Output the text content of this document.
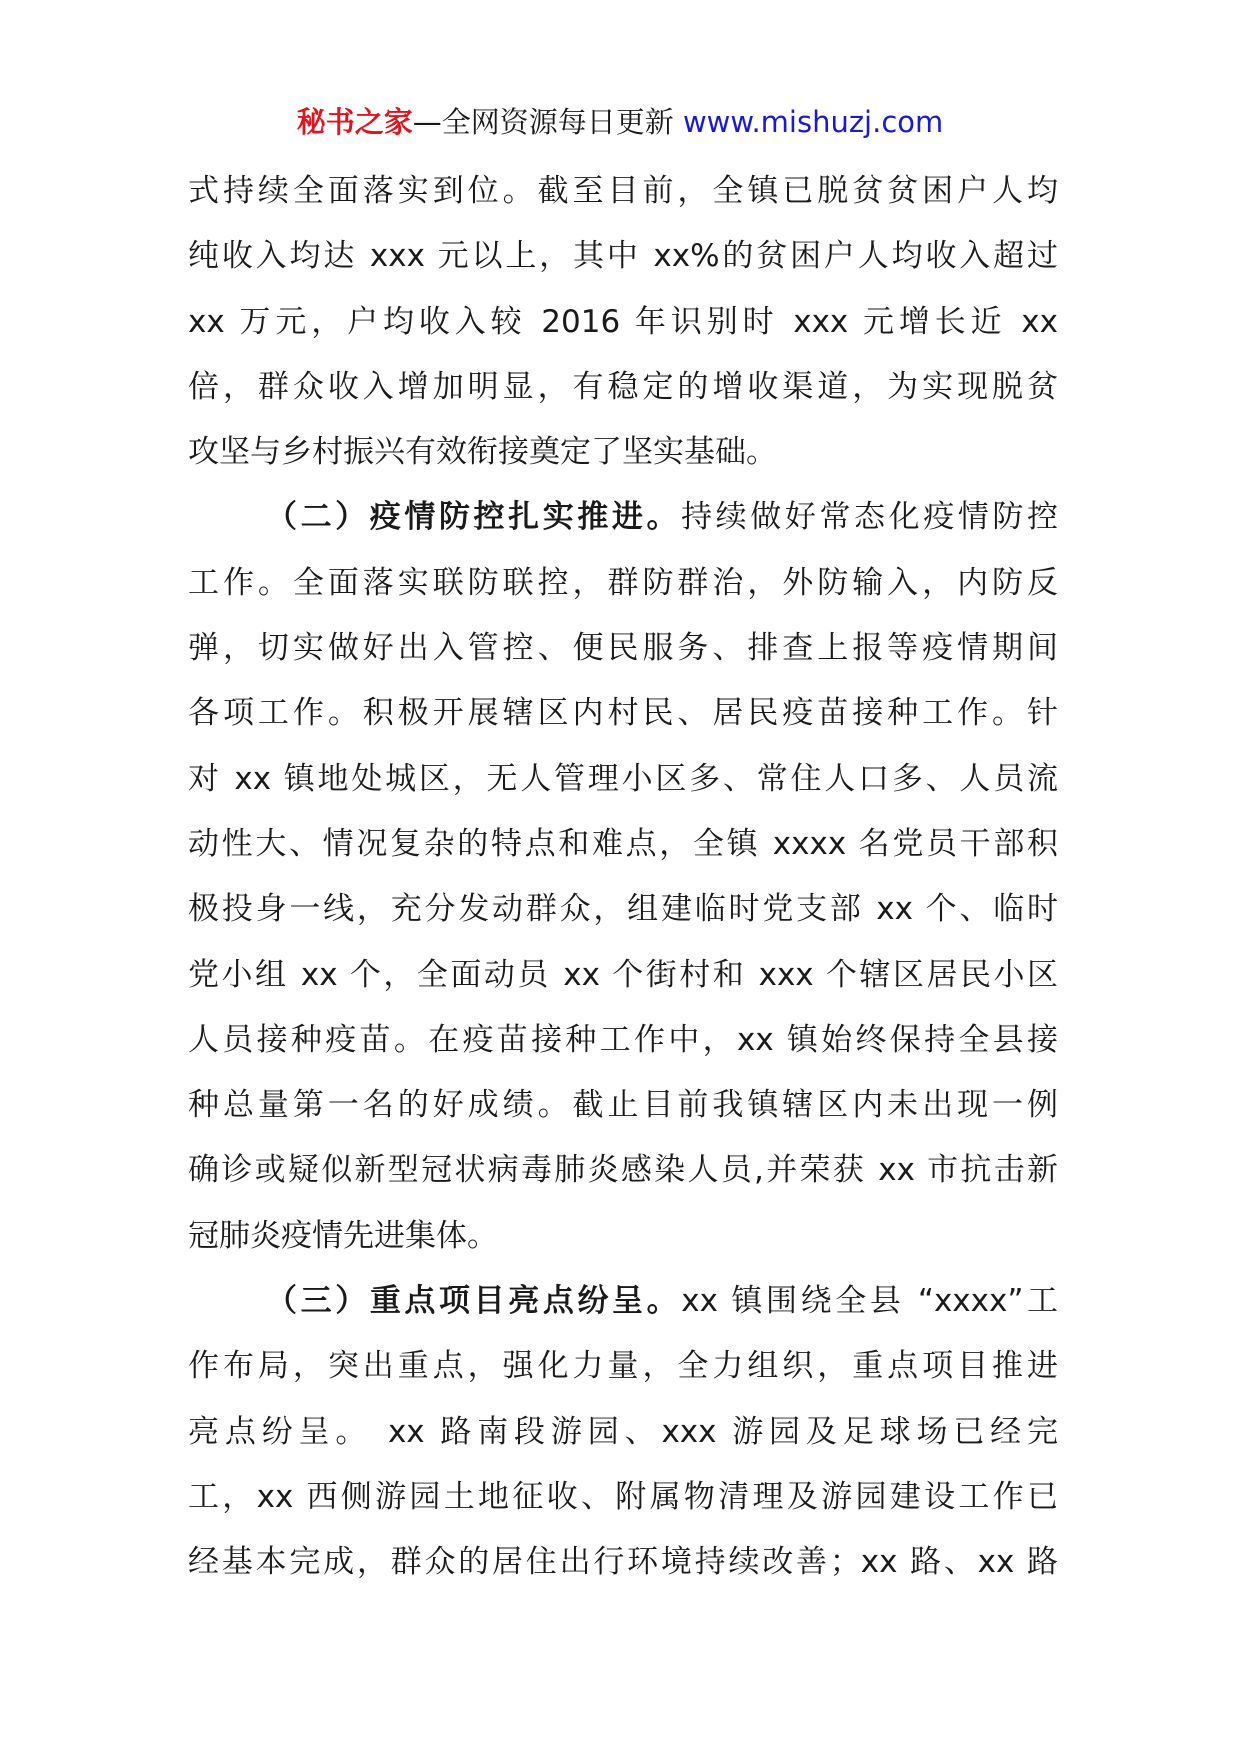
秘书之家—全网资源每日更新 www.mishuzj.com
式持续全面落实到位。截至目前，全镇已脱贫贫困户人均
纯收入均达 xxx 元以上，其中 xx%的贫困户人均收入超过
xx 万元，户均收入较 2016 年识别时 xxx 元增长近 xx
倍，群众收入增加明显，有稳定的增收渠道，为实现脱贫
攻坚与乡村振兴有效衔接奠定了坚实基础。
（二）疫情防控扎实推进。持续做好常态化疫情防控
工作。全面落实联防联控，群防群治，外防输入，内防反
弹，切实做好出入管控、便民服务、排查上报等疫情期间
各项工作。积极开展辖区内村民、居民疫苗接种工作。针
对 xx 镇地处城区，无人管理小区多、常住人口多、人员流
动性大、情况复杂的特点和难点，全镇 xxxx 名党员干部积
极投身一线，充分发动群众，组建临时党支部 xx 个、临时
党小组 xx 个，全面动员 xx 个街村和 xxx 个辖区居民小区
人员接种疫苗。在疫苗接种工作中，xx 镇始终保持全县接
种总量第一名的好成绩。截止目前我镇辖区内未出现一例
确诊或疑似新型冠状病毒肺炎感染人员,并荣获 xx 市抗击新
冠肺炎疫情先进集体。
（三）重点项目亮点纷呈。xx 镇围绕全县 “xxxx”工
作布局，突出重点，强化力量，全力组织，重点项目推进
亮点纷呈。 xx 路南段游园、xxx 游园及足球场已经完
工，xx 西侧游园土地征收、附属物清理及游园建设工作已
经基本完成，群众的居住出行环境持续改善；xx 路、xx 路
